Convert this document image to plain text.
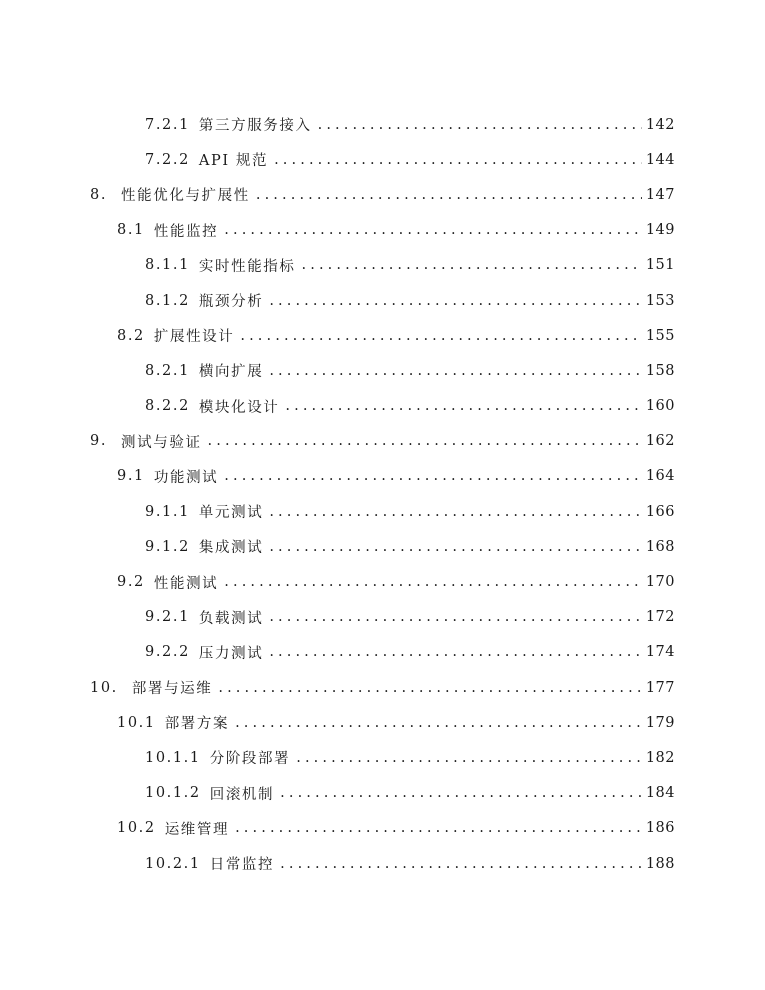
7.2.1 第三方服务接入 . . .	142
7.2.2 API 规范 . . .	144
8. 性能优化与扩展性 . . .	147
8.1 性能监控 . . .	149
8.1.1 实时性能指标 . . .	151
8.1.2 瓶颈分析 . . .	153
8.2 扩展性设计 . . .	155
8.2.1 横向扩展 . . .	158
8.2.2 模块化设计 . . .	160
9. 测试与验证 . . .	162
9.1 功能测试 . . .	164
9.1.1 单元测试 . . .	166
9.1.2 集成测试 . . .	168
9.2 性能测试 . . .	170
9.2.1 负载测试 . . .	172
9.2.2 压力测试 . . .	174
10. 部署与运维 . . .	177
10.1 部署方案 . . .	179
10.1.1 分阶段部署 . . .	182
10.1.2 回滚机制 . . .	184
10.2 运维管理 . . .	186
10.2.1 日常监控 . . .	188
